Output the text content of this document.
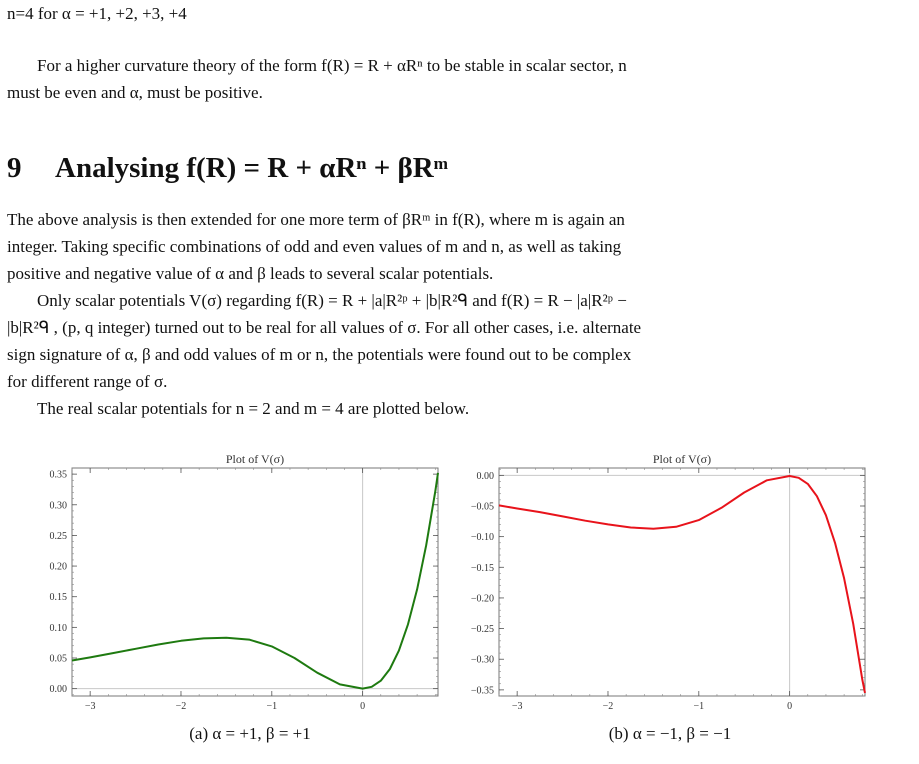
n=4 for α = +1, +2, +3, +4
For a higher curvature theory of the form f(R) = R + αRⁿ to be stable in scalar sector, n
must be even and α, must be positive.
9 Analysing f(R) = R + αRⁿ + βRᵐ
The above analysis is then extended for one more term of βRᵐ in f(R), where m is again an
integer. Taking specific combinations of odd and even values of m and n, as well as taking
positive and negative value of α and β leads to several scalar potentials.
Only scalar potentials V(σ) regarding f(R) = R + |a|R²ᵖ + |b|R²ᑫ and f(R) = R − |a|R²ᵖ −
|b|R²ᑫ , (p, q integer) turned out to be real for all values of σ. For all other cases, i.e. alternate
sign signature of α, β and odd values of m or n, the potentials were found out to be complex
for different range of σ.
The real scalar potentials for n = 2 and m = 4 are plotted below.
Plot of V(σ)
−3	−2	−1	0
0.00
0.05
0.10
0.15
0.20
0.25
0.30
0.35
(a) α = +1, β = +1
Plot of V(σ)
−3	−2	−1	0
0.00
−0.05
−0.10
−0.15
−0.20
−0.25
−0.30
−0.35
(b) α = −1, β = −1
